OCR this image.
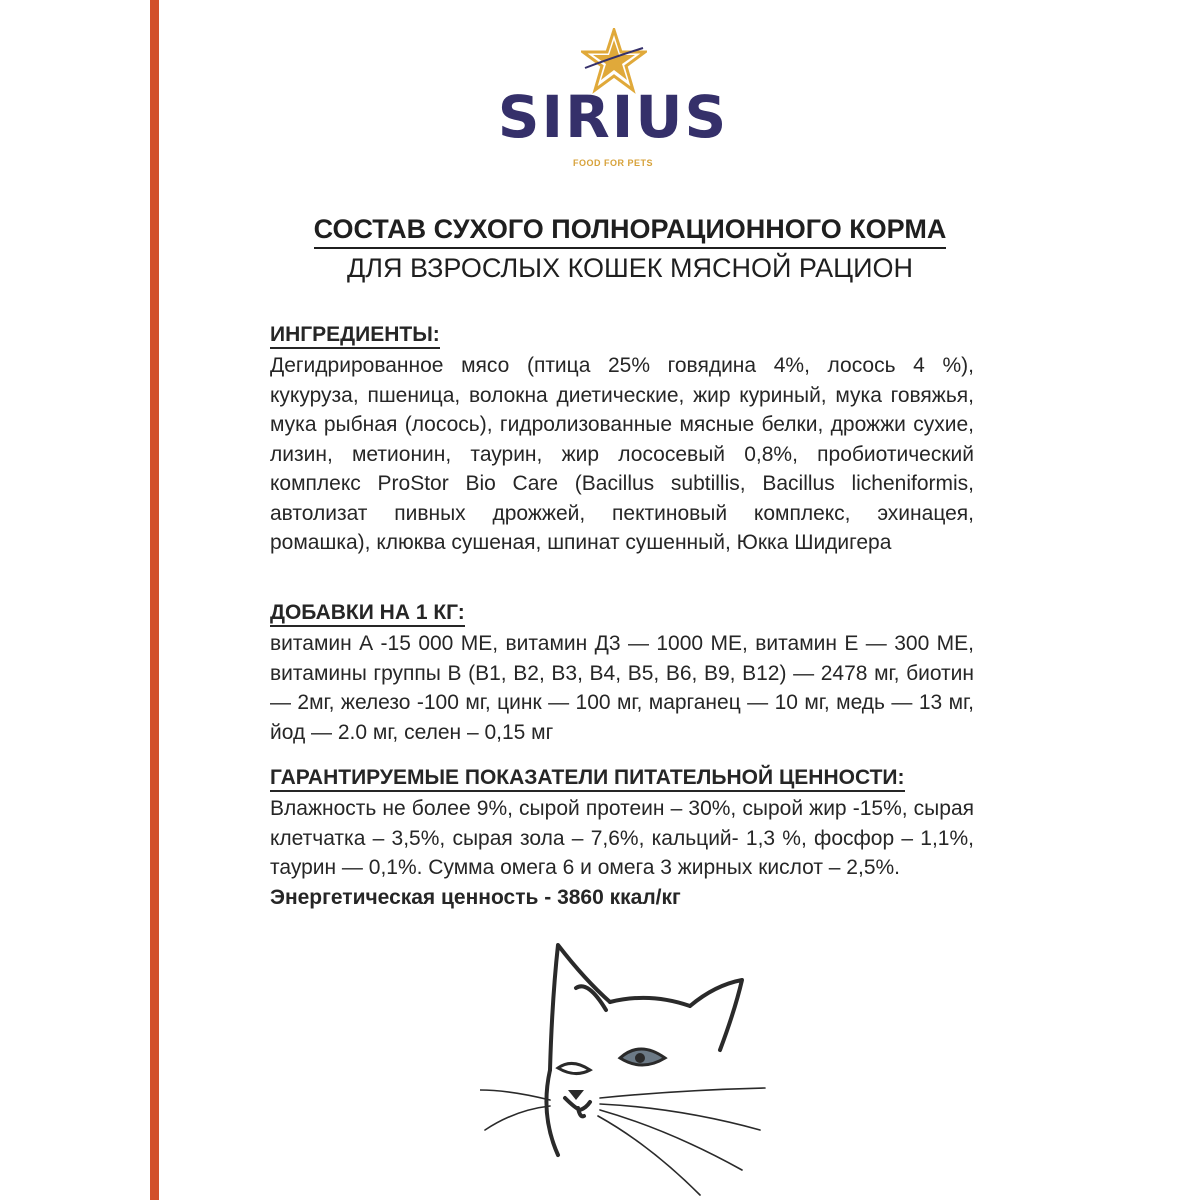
SIRIUS
FOOD FOR PETS
СОСТАВ СУХОГО ПОЛНОРАЦИОННОГО КОРМА
ДЛЯ ВЗРОСЛЫХ КОШЕК МЯСНОЙ РАЦИОН
ИНГРЕДИЕНТЫ:

Дегидрированное мясо (птица 25% говядина 4%, лосось 4 %), кукуруза, пшеница, волокна диетические, жир куриный, мука говяжья, мука рыбная (лосось), гидролизованные мясные белки, дрожжи сухие, лизин, метионин, таурин, жир лососевый 0,8%, пробиотический комплекс ProStor Bio Care (Bacillus subtillis, Bacillus licheniformis, автолизат пивных дрожжей, пектиновый комплекс, эхинацея, ромашка), клюква сушеная, шпинат сушенный, Юкка Шидигера

ДОБАВКИ НА 1 КГ:

витамин А -15 000 МЕ, витамин Д3 — 1000 МЕ, витамин Е — 300 МЕ, витамины группы В (В1, В2, В3, В4, В5, В6, В9, В12) — 2478 мг, биотин — 2мг, железо -100 мг, цинк — 100 мг, марганец — 10 мг, медь — 13 мг, йод — 2.0 мг, селен – 0,15 мг

ГАРАНТИРУЕМЫЕ ПОКАЗАТЕЛИ ПИТАТЕЛЬНОЙ ЦЕННОСТИ:

Влажность не более 9%, сырой протеин – 30%, сырой жир -15%, сырая клетчатка – 3,5%, сырая зола – 7,6%, кальций- 1,3 %, фосфор – 1,1%, таурин — 0,1%. Сумма омега 6 и омега 3 жирных кислот – 2,5%.

Энергетическая ценность - 3860 ккал/кг
